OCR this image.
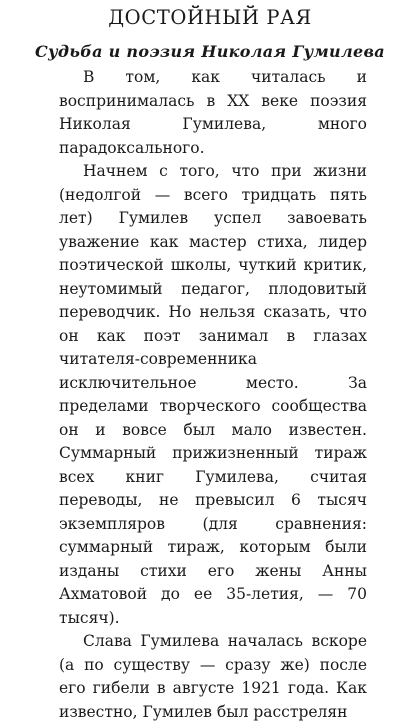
ДОСТОЙНЫЙ РАЯ
Судьба и поэзия Николая Гумилева

В том, как читалась и воспринималась в XX веке поэзия Николая Гумилева, много парадоксального.

Начнем с того, что при жизни (недолгой — всего тридцать пять лет) Гумилев успел завоевать уважение как мастер стиха, лидер поэтической школы, чуткий критик, неутомимый педагог, плодовитый переводчик. Но нельзя сказать, что он как поэт занимал в глазах читателя-современника исключительное место. За пределами творческого сообщества он и вовсе был мало известен. Суммарный прижизненный тираж всех книг Гумилева, считая переводы, не превысил 6 тысяч экземпляров (для сравнения: суммарный тираж, которым были изданы стихи его жены Анны Ахматовой до ее 35-летия, — 70 тысяч).

Слава Гумилева началась вскоре (а по существу — сразу же) после его гибели в августе 1921 года. Как известно, Гумилев был расстрелян
